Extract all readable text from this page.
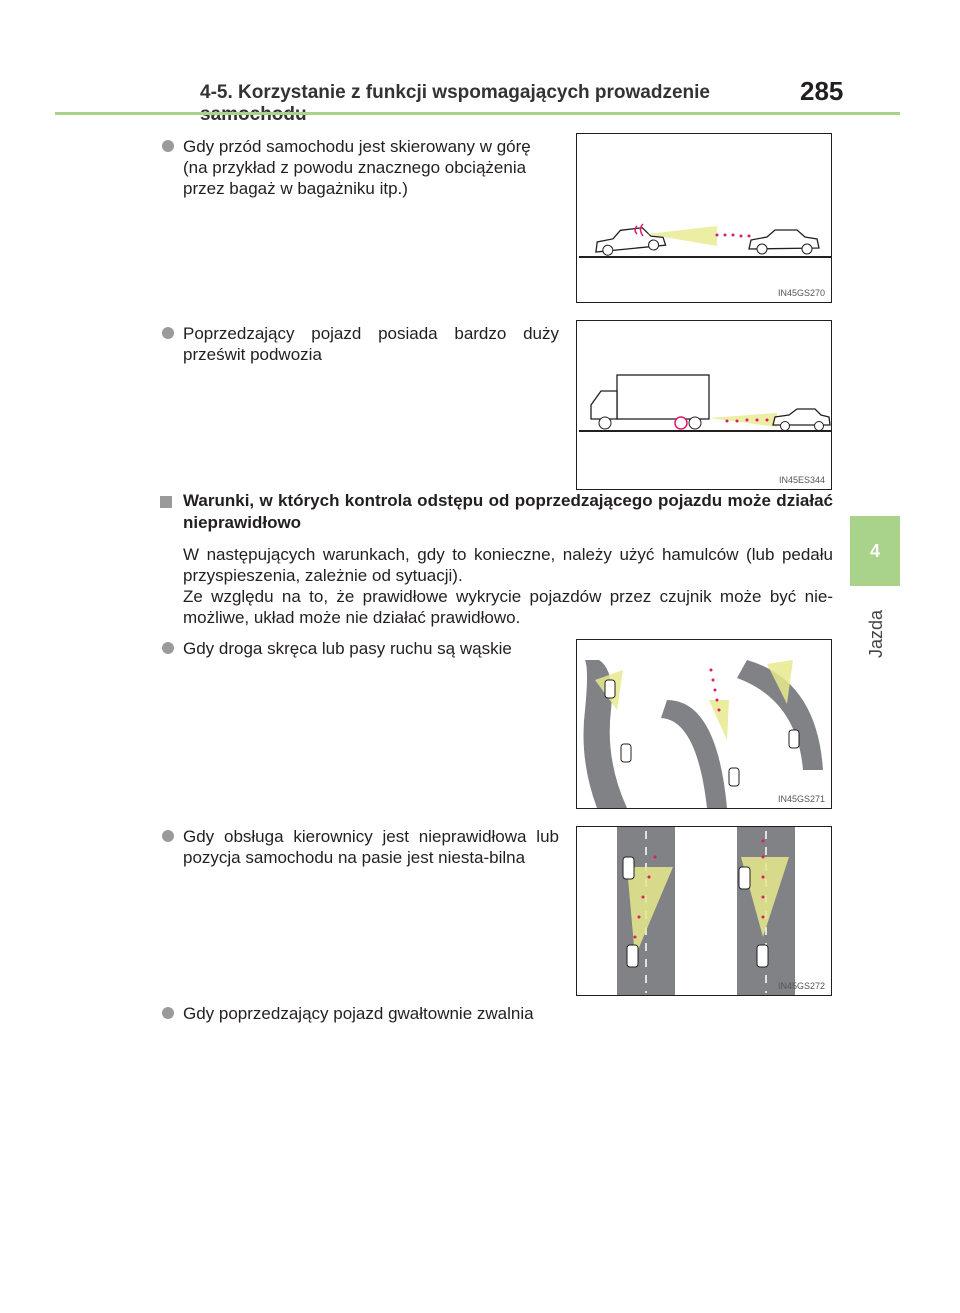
4-5. Korzystanie z funkcji wspomagających prowadzenie	285
4
Jazda
Gdy przód samochodu jest skierowany w górę (na przykład z powodu znacznego obciążenia przez bagaż w bagażniku itp.)
IN45GS270
Poprzedzający pojazd posiada bardzo duży prześwit podwozia
IN45ES344
Warunki, w których kontrola odstępu od poprzedzającego pojazdu może działać nieprawidłowo

W następujących warunkach, gdy to konieczne, należy użyć hamulców (lub pedału przyspieszenia, zależnie od sytuacji).

Ze względu na to, że prawidłowe wykrycie pojazdów przez czujnik może być nie-możliwe, układ może nie działać prawidłowo.

Gdy droga skręca lub pasy ruchu są wąskie
IN45GS271
Gdy obsługa kierownicy jest nieprawidłowa lub pozycja samochodu na pasie jest niesta-bilna
IN45GS272
Gdy poprzedzający pojazd gwałtownie zwalnia
